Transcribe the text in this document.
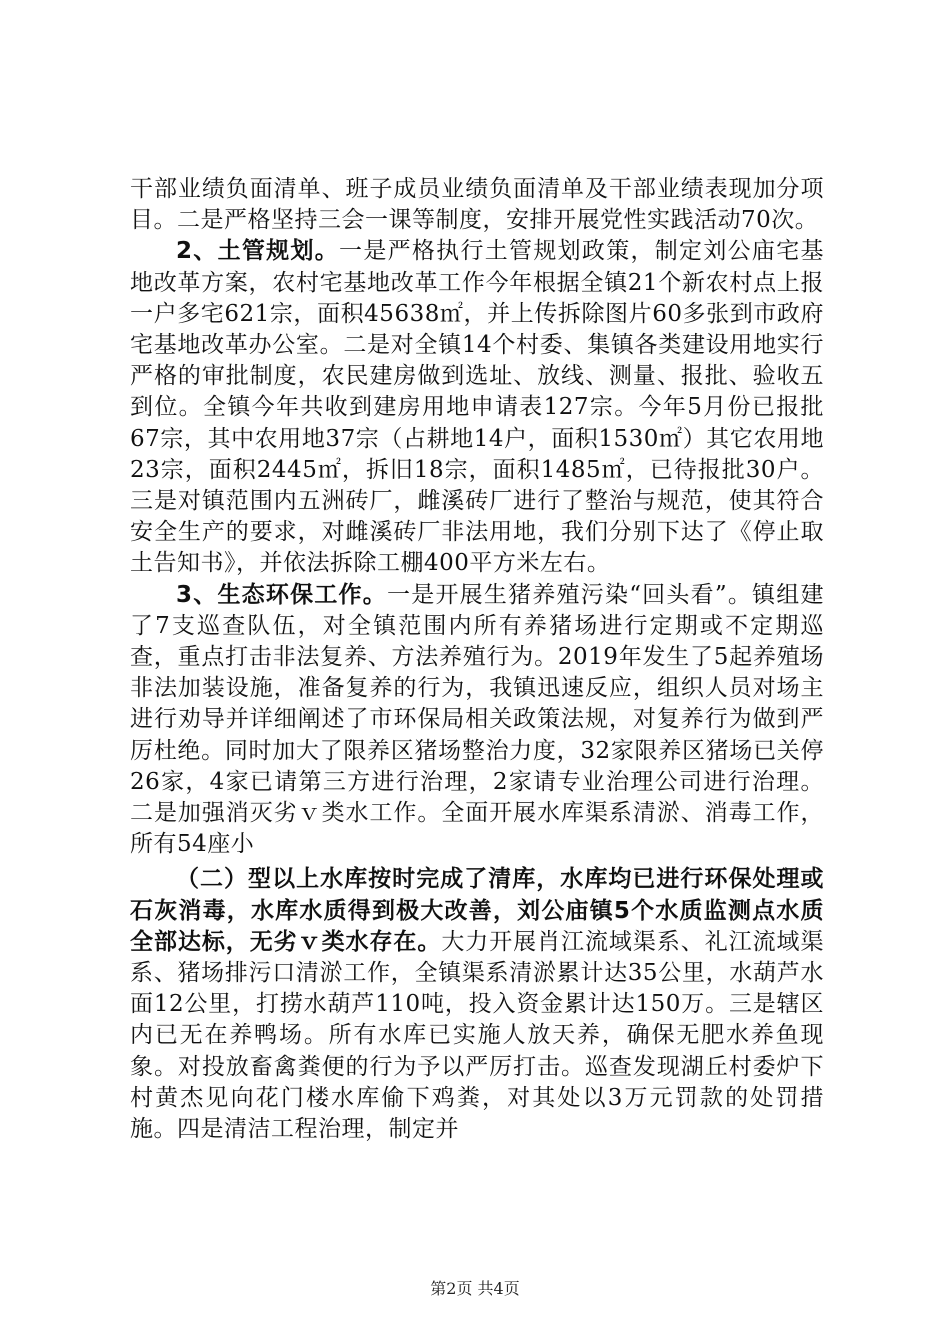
干部业绩负面清单、班子成员业绩负面清单及干部业绩表现加分项目。二是严格坚持三会一课等制度，安排开展党性实践活动70次。

2、土管规划。一是严格执行土管规划政策，制定刘公庙宅基地改革方案，农村宅基地改革工作今年根据全镇21个新农村点上报一户多宅621宗，面积45638㎡，并上传拆除图片60多张到市政府宅基地改革办公室。二是对全镇14个村委、集镇各类建设用地实行严格的审批制度，农民建房做到选址、放线、测量、报批、验收五到位。全镇今年共收到建房用地申请表127宗。今年5月份已报批67宗，其中农用地37宗（占耕地14户，面积1530㎡）其它农用地23宗，面积2445㎡，拆旧18宗，面积1485㎡，已待报批30户。三是对镇范围内五洲砖厂，雌溪砖厂进行了整治与规范，使其符合安全生产的要求，对雌溪砖厂非法用地，我们分别下达了《停止取土告知书》，并依法拆除工棚400平方米左右。

3、生态环保工作。一是开展生猪养殖污染“回头看”。镇组建了7支巡查队伍，对全镇范围内所有养猪场进行定期或不定期巡查，重点打击非法复养、方法养殖行为。2019年发生了5起养殖场非法加装设施，准备复养的行为，我镇迅速反应，组织人员对场主进行劝导并详细阐述了市环保局相关政策法规，对复养行为做到严厉杜绝。同时加大了限养区猪场整治力度，32家限养区猪场已关停26家，4家已请第三方进行治理，2家请专业治理公司进行治理。二是加强消灭劣ｖ类水工作。全面开展水库渠系清淤、消毒工作，所有54座小

（二）型以上水库按时完成了清库，水库均已进行环保处理或石灰消毒，水库水质得到极大改善，刘公庙镇5个水质监测点水质全部达标，无劣ｖ类水存在。大力开展肖江流域渠系、礼江流域渠系、猪场排污口清淤工作，全镇渠系清淤累计达35公里，水葫芦水面12公里，打捞水葫芦110吨，投入资金累计达150万。三是辖区内已无在养鸭场。所有水库已实施人放天养，确保无肥水养鱼现象。对投放畜禽粪便的行为予以严厉打击。巡查发现湖丘村委炉下村黄杰见向花门楼水库偷下鸡粪，对其处以3万元罚款的处罚措施。四是清洁工程治理，制定并

第2页 共4页
